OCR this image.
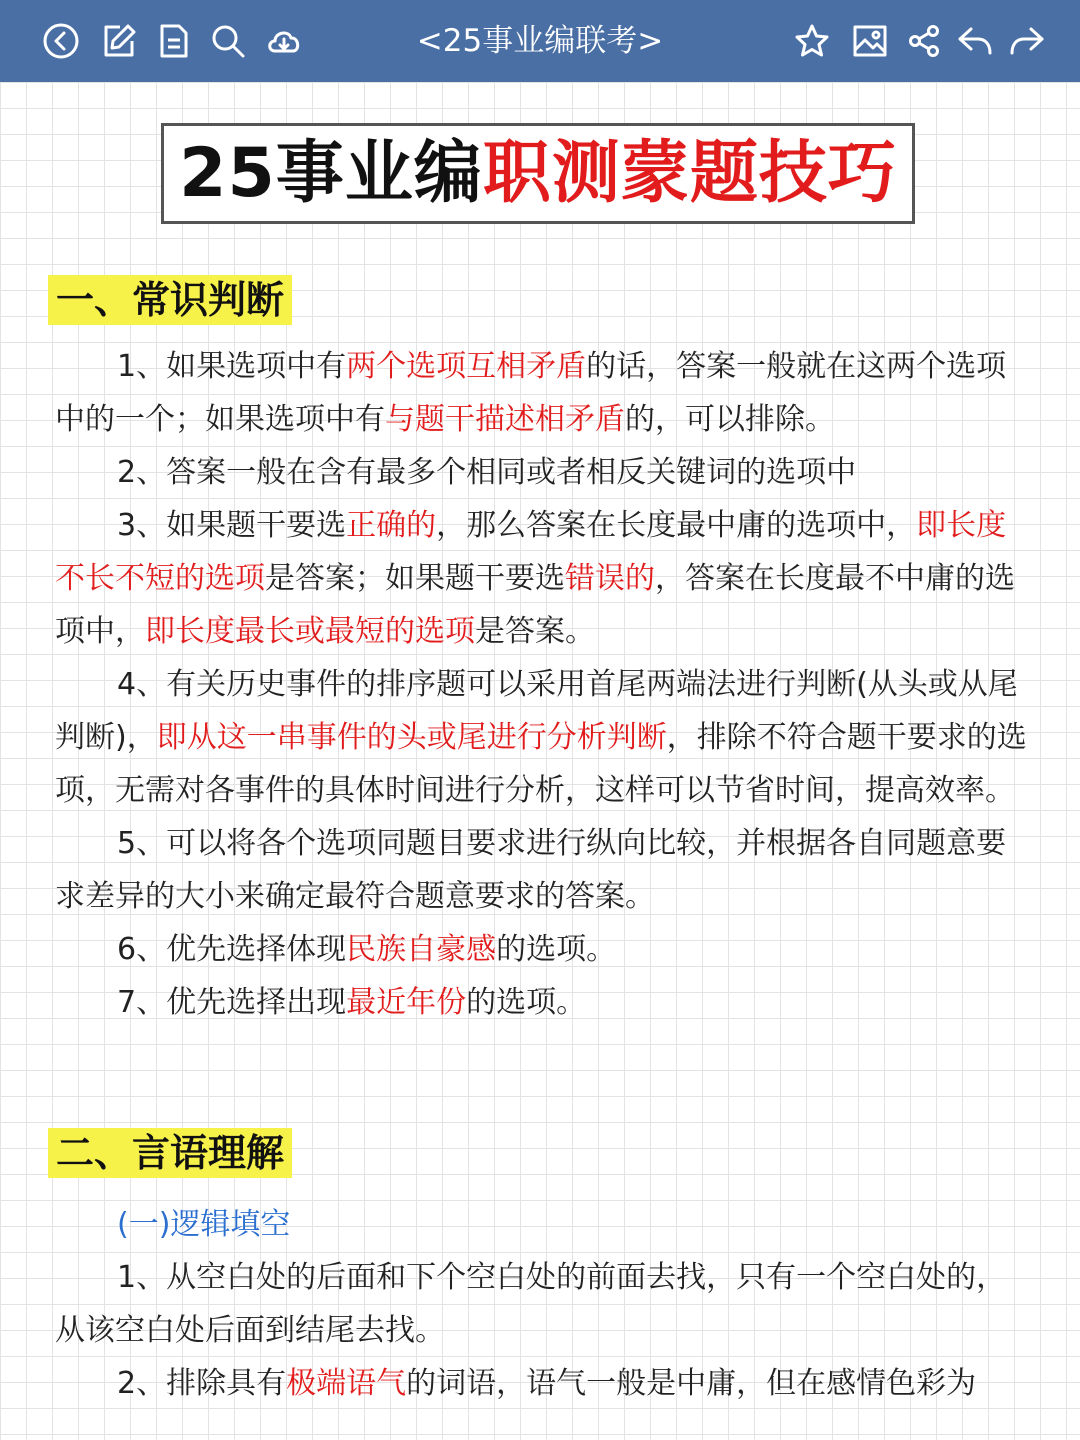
<25事业编联考>
25事业编职测蒙题技巧
一、常识判断

1、如果选项中有两个选项互相矛盾的话，答案一般就在这两个选项中的一个；如果选项中有与题干描述相矛盾的，可以排除。

2、答案一般在含有最多个相同或者相反关键词的选项中

3、如果题干要选正确的，那么答案在长度最中庸的选项中，即长度不长不短的选项是答案；如果题干要选错误的，答案在长度最不中庸的选项中，即长度最长或最短的选项是答案。

4、有关历史事件的排序题可以采用首尾两端法进行判断(从头或从尾判断)，即从这一串事件的头或尾进行分析判断，排除不符合题干要求的选项，无需对各事件的具体时间进行分析，这样可以节省时间，提高效率。

5、可以将各个选项同题目要求进行纵向比较，并根据各自同题意要求差异的大小来确定最符合题意要求的答案。

6、优先选择体现民族自豪感的选项。

7、优先选择出现最近年份的选项。

二、言语理解
(一)逻辑填空

1、从空白处的后面和下个空白处的前面去找，只有一个空白处的，从该空白处后面到结尾去找。

2、排除具有极端语气的词语，语气一般是中庸，但在感情色彩为
